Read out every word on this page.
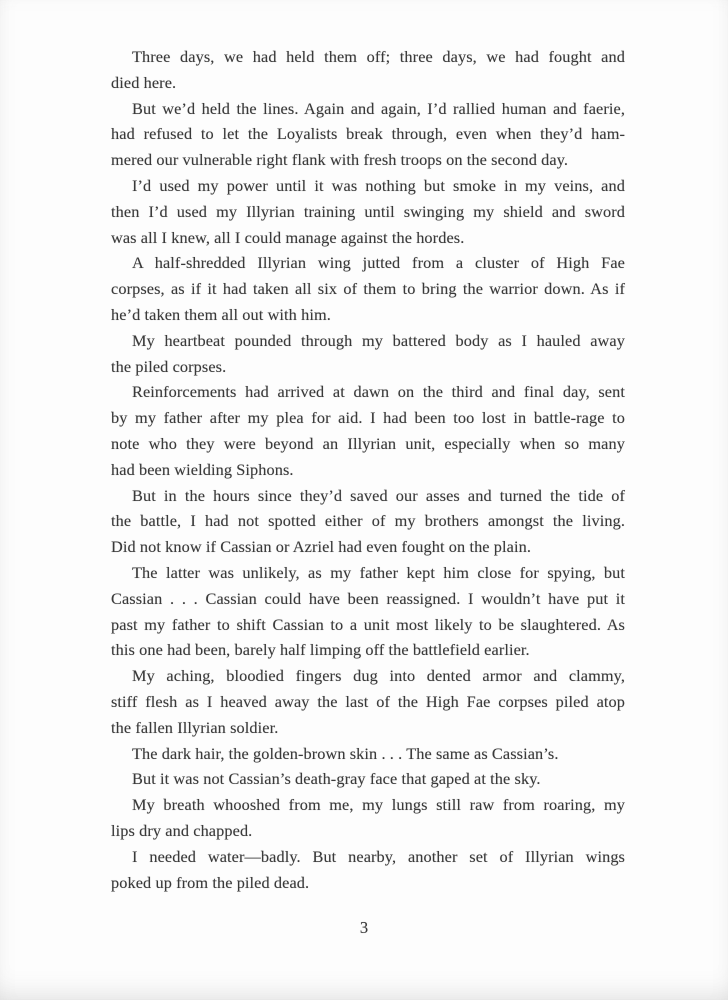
Three days, we had held them off; three days, we had fought and
died here.
But we’d held the lines. Again and again, I’d rallied human and faerie,
had refused to let the Loyalists break through, even when they’d ham-
mered our vulnerable right flank with fresh troops on the second day.
I’d used my power until it was nothing but smoke in my veins, and
then I’d used my Illyrian training until swinging my shield and sword
was all I knew, all I could manage against the hordes.
A half-shredded Illyrian wing jutted from a cluster of High Fae
corpses, as if it had taken all six of them to bring the warrior down. As if
he’d taken them all out with him.
My heartbeat pounded through my battered body as I hauled away
the piled corpses.
Reinforcements had arrived at dawn on the third and final day, sent
by my father after my plea for aid. I had been too lost in battle-rage to
note who they were beyond an Illyrian unit, especially when so many
had been wielding Siphons.
But in the hours since they’d saved our asses and turned the tide of
the battle, I had not spotted either of my brothers amongst the living.
Did not know if Cassian or Azriel had even fought on the plain.
The latter was unlikely, as my father kept him close for spying, but
Cassian . . . Cassian could have been reassigned. I wouldn’t have put it
past my father to shift Cassian to a unit most likely to be slaughtered. As
this one had been, barely half limping off the battlefield earlier.
My aching, bloodied fingers dug into dented armor and clammy,
stiff flesh as I heaved away the last of the High Fae corpses piled atop
the fallen Illyrian soldier.
The dark hair, the golden-brown skin . . . The same as Cassian’s.
But it was not Cassian’s death-gray face that gaped at the sky.
My breath whooshed from me, my lungs still raw from roaring, my
lips dry and chapped.
I needed water—badly. But nearby, another set of Illyrian wings
poked up from the piled dead.
3
